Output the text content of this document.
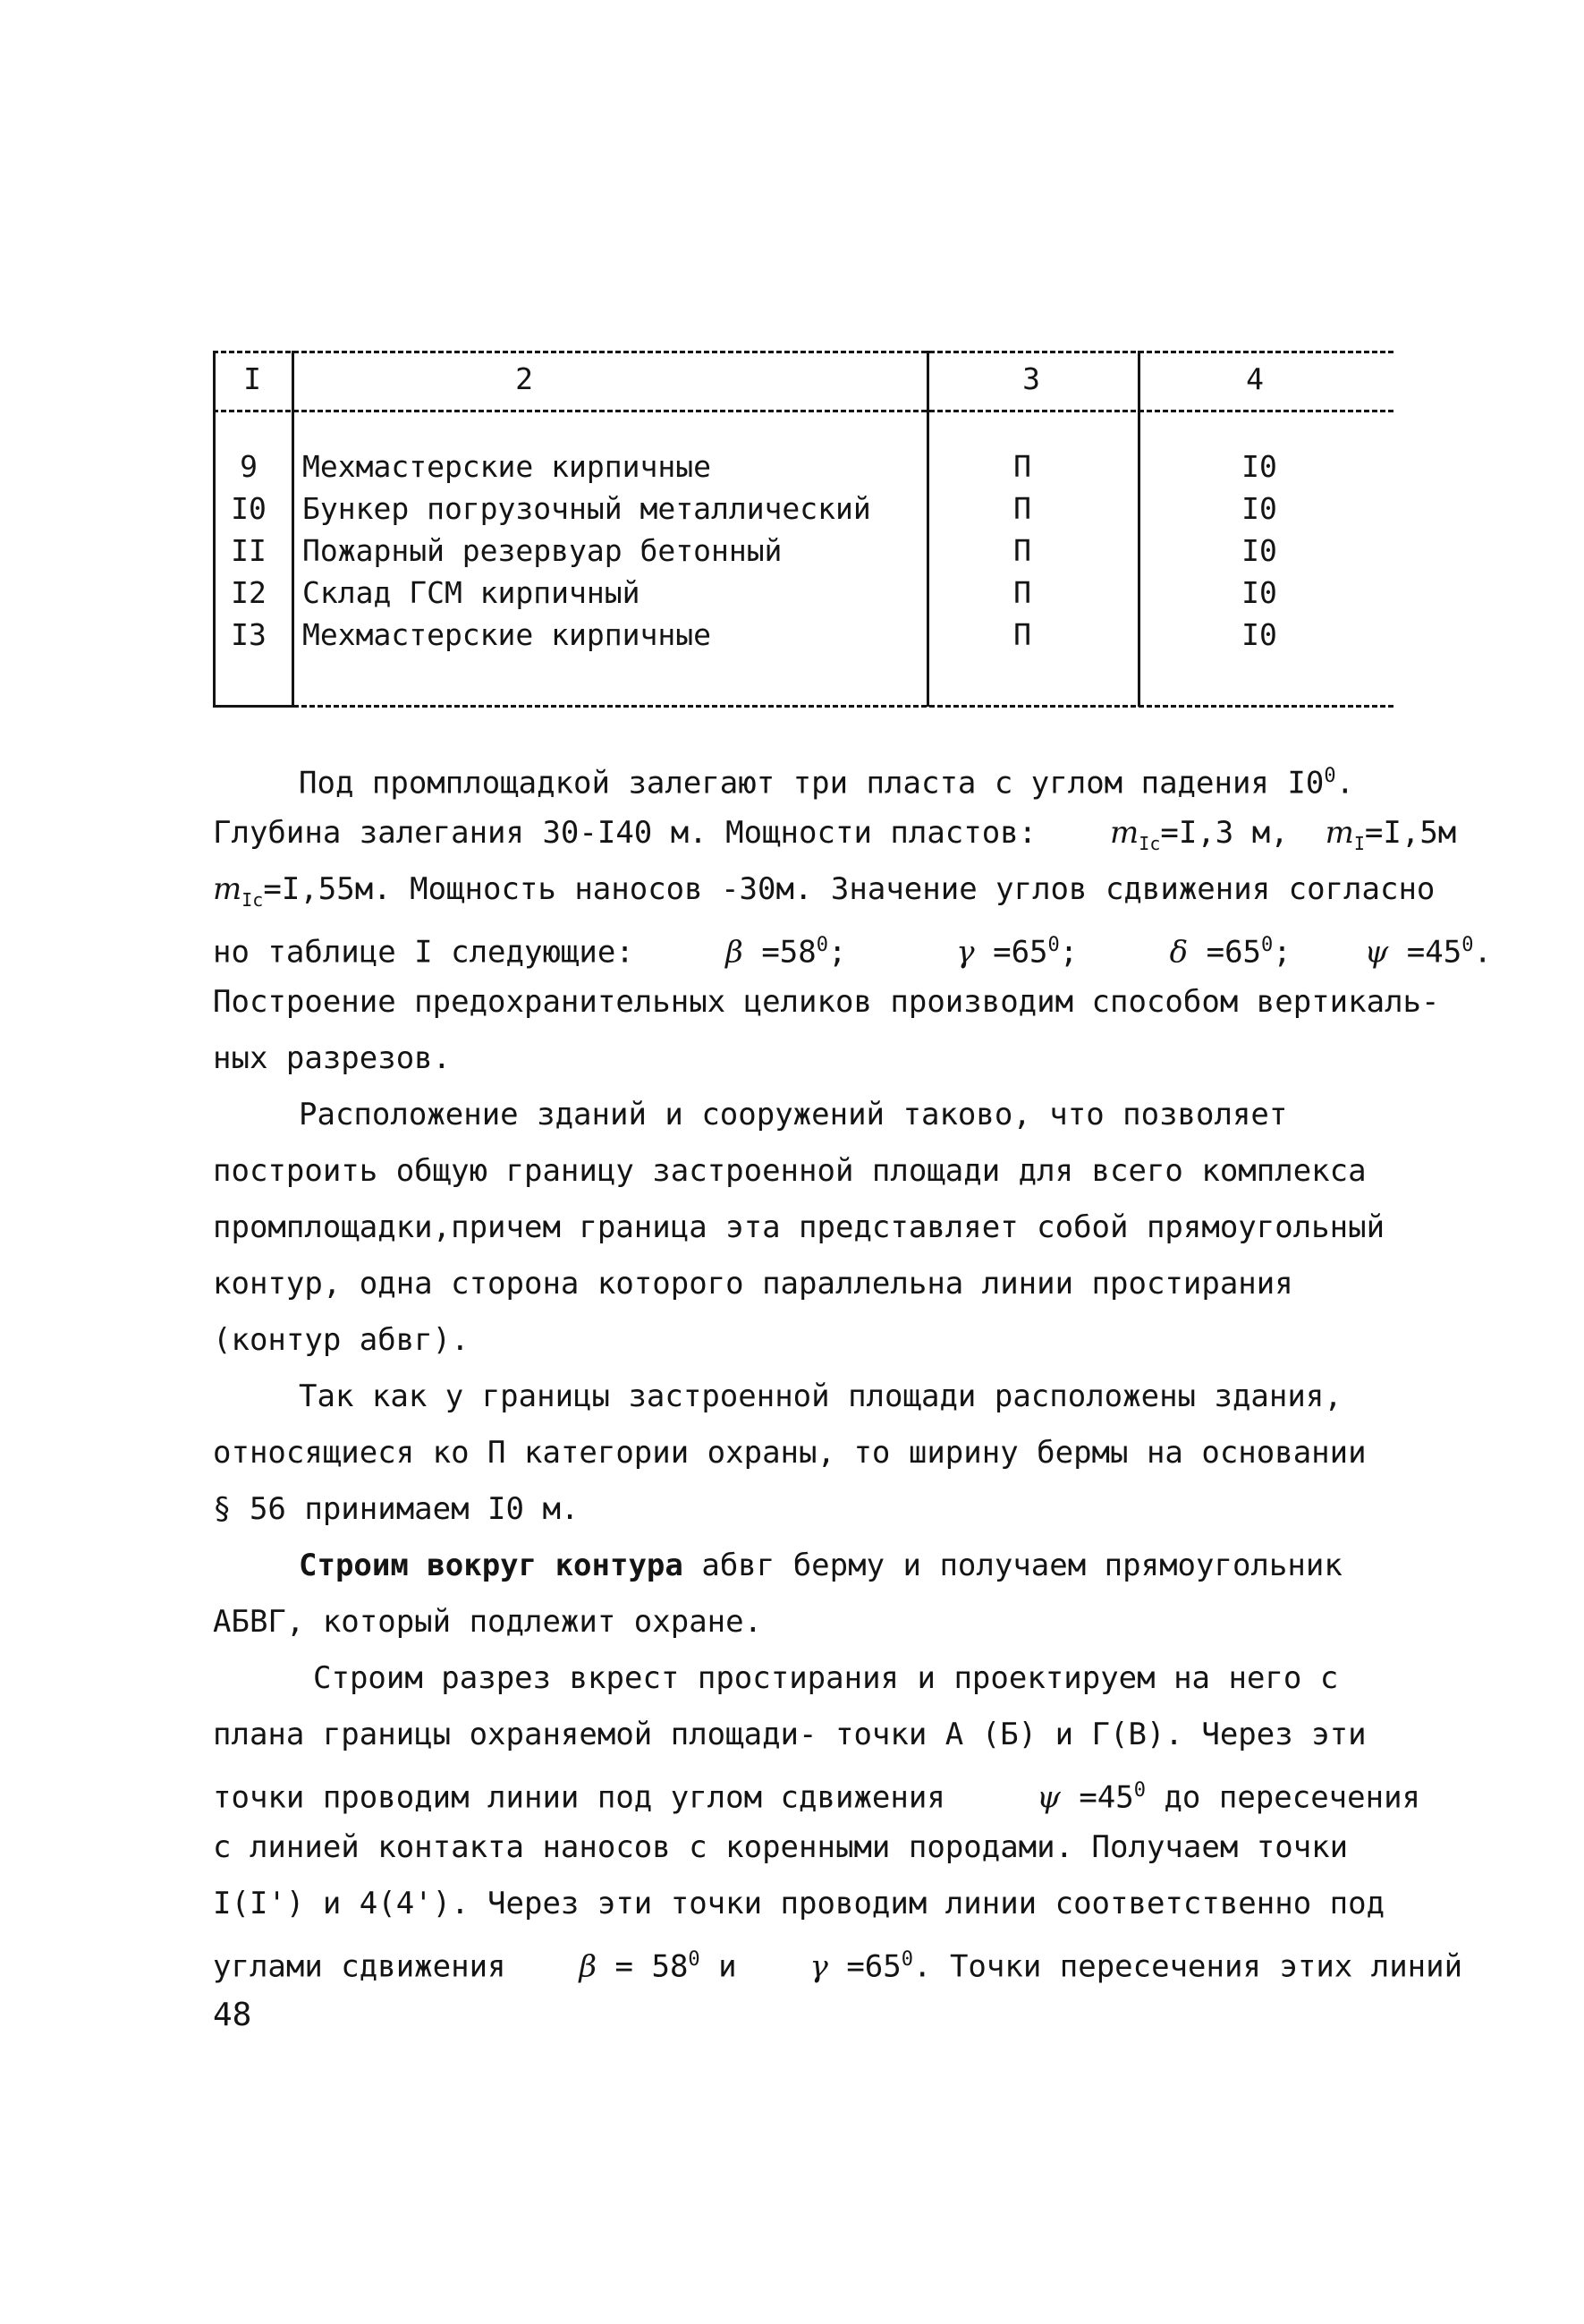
I	2	3	4
9	Мехмастерские кирпичные	П	I0
I0	Бункер погрузочный металлический	П	I0
II	Пожарный резервуар бетонный	П	I0
I2	Склад ГСМ кирпичный	П	I0
I3	Мехмастерские кирпичные	П	I0
Под промплощадкой залегают три пласта с углом падения $I0^0$.
Глубина залегания 30-I40 м. Мощности пластов: $m_{Ic}=I,3$ м, $m_I=I,5м$
$m_{Ic}=I,55м$. Мощность наносов -30м. Значение углов сдвижения согласно
но таблице I следующие:	$\beta =58^0$;	$\gamma =65^0$;	$\delta =65^0$; $\psi =45^0$.
Построение предохранительных целиков производим способом вертикаль-
ных разрезов.
Расположение зданий и сооружений таково, что позволяет
построить общую границу застроенной площади для всего комплекса
промплощадки,причем граница эта представляет собой прямоугольный
контур, одна сторона которого параллельна линии простирания
(контур абвг).
Так как у границы застроенной площади расположены здания,
относящиеся ко П категории охраны, то ширину бермы на основании
§ 56 принимаем I0 м.
Строим вокруг контура абвг берму и получаем прямоугольник
АБВГ, который подлежит охране.
Строим разрез вкрест простирания и проектируем на него с
плана границы охраняемой площади- точки А (Б) и Г(В). Через эти
точки проводим линии под углом сдвижения	$\psi =45^0$ до пересечения
с линией контакта наносов с коренными породами. Получаем точки
I(I') и 4(4'). Через эти точки проводим линии соответственно под
углами сдвижения $\beta = 58^0$ и $\gamma =65^0$. Точки пересечения этих линий
48
